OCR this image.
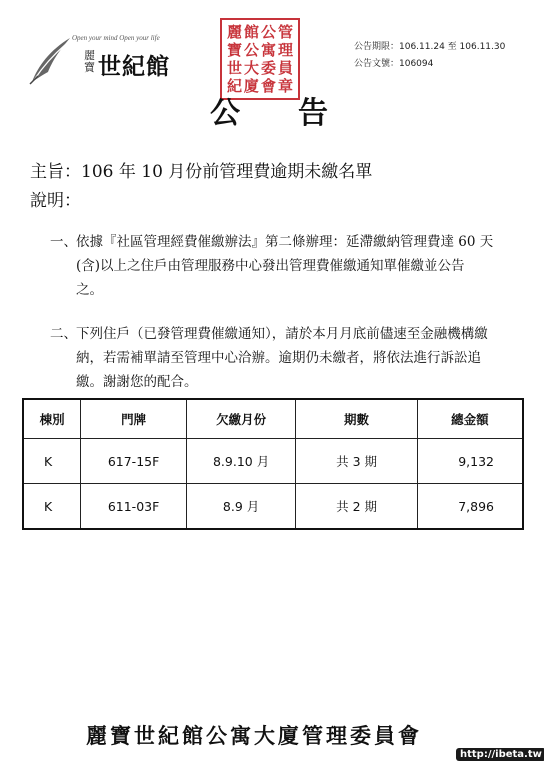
Open your mind Open your life
麗寶 世紀館
麗 館 公 管
寶 公 寓 理
世 大 委 員
紀 廈 會 章
公告期限：106.11.24 至 106.11.30
公告文號：106094
公告
主旨：106 年 10 月份前管理費逾期未繳名單
說明：
一、 依據『社區管理經費催繳辦法』第二條辦理：延滯繳納管理費達 60 天
(含)以上之住戶由管理服務中心發出管理費催繳通知單催繳並公告
之。
二、 下列住戶（已發管理費催繳通知），請於本月月底前儘速至金融機構繳
納，若需補單請至管理中心洽辦。逾期仍未繳者，將依法進行訴訟追
繳。謝謝您的配合。
棟別	門牌	欠繳月份	期數	總金額
K	617-15F	8.9.10 月	共 3 期	9,132
K	611-03F	8.9 月	共 2 期	7,896
麗寶世紀館公寓大廈管理委員會
http://ibeta.tw
